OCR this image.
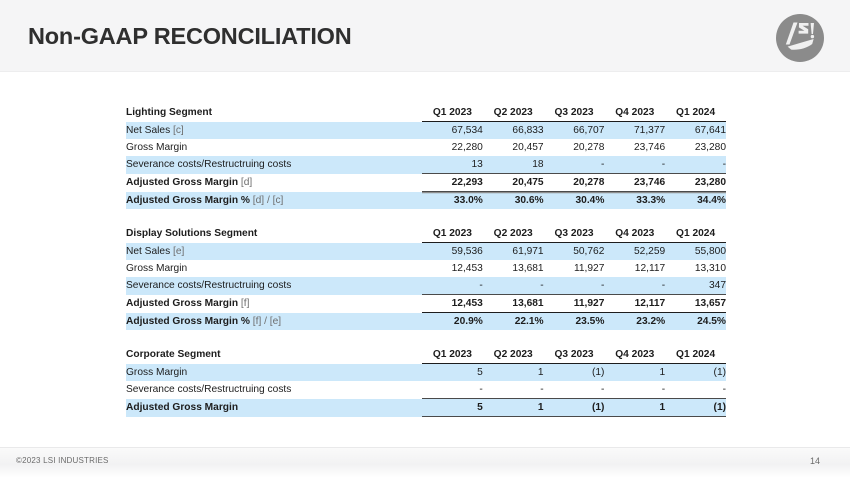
Non-GAAP RECONCILIATION
Lighting Segment	Q1 2023	Q2 2023	Q3 2023	Q4 2023	Q1 2024
Net Sales [c]	67,534	66,833	66,707	71,377	67,641
Gross Margin	22,280	20,457	20,278	23,746	23,280
Severance costs/Restructruing costs	13	18	-	-	-
Adjusted Gross Margin [d]	22,293	20,475	20,278	23,746	23,280
Adjusted Gross Margin % [d] / [c]	33.0%	30.6%	30.4%	33.3%	34.4%
Display Solutions Segment	Q1 2023	Q2 2023	Q3 2023	Q4 2023	Q1 2024
Net Sales [e]	59,536	61,971	50,762	52,259	55,800
Gross Margin	12,453	13,681	11,927	12,117	13,310
Severance costs/Restructruing costs	-	-	-	-	347
Adjusted Gross Margin [f]	12,453	13,681	11,927	12,117	13,657
Adjusted Gross Margin % [f] / [e]	20.9%	22.1%	23.5%	23.2%	24.5%
Corporate Segment	Q1 2023	Q2 2023	Q3 2023	Q4 2023	Q1 2024
Gross Margin	5	1	(1)	1	(1)
Severance costs/Restructruing costs	-	-	-	-	-
Adjusted Gross Margin	5	1	(1)	1	(1)
©2023 LSI INDUSTRIES	14
